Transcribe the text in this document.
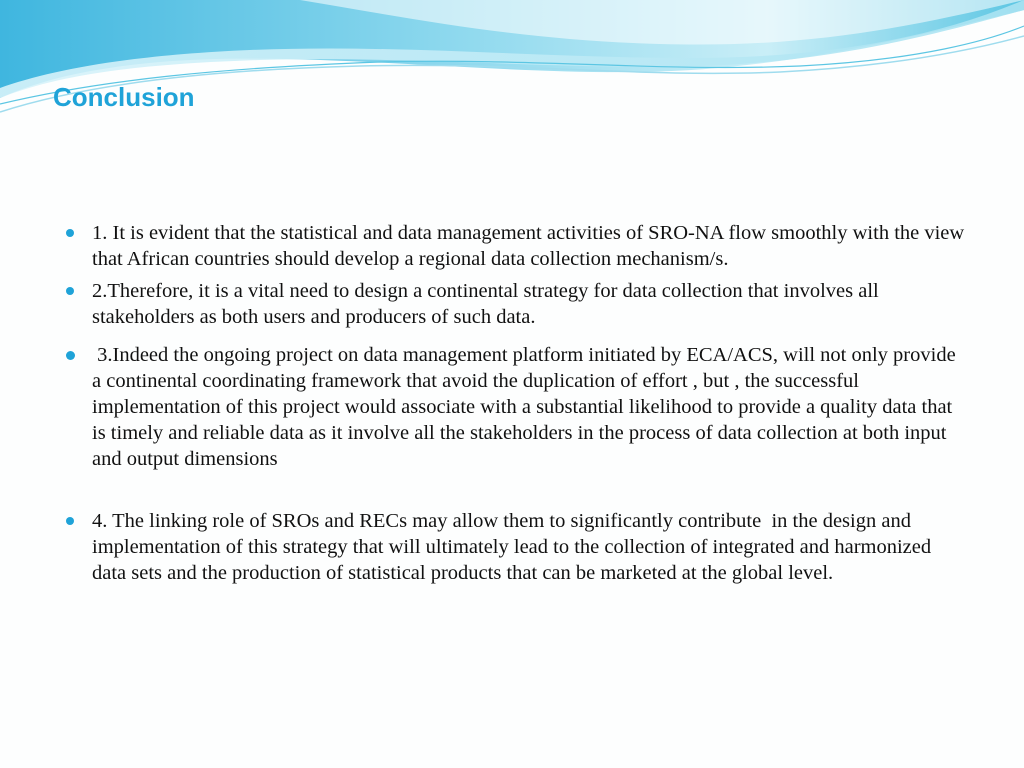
Conclusion
1. It is evident that the statistical and data management activities of SRO-NA flow smoothly with the view that African countries should develop a regional data collection mechanism/s.
2.Therefore, it is a vital need to design a continental strategy for data collection that involves all stakeholders as both users and producers of such data.
3.Indeed the ongoing project on data management platform initiated by ECA/ACS, will not only provide a continental coordinating framework that avoid the duplication of effort , but , the successful implementation of this project would associate with a substantial likelihood to provide a quality data that is timely and reliable data as it involve all the stakeholders in the process of data collection at both input and output dimensions
4. The linking role of SROs and RECs may allow them to significantly contribute  in the design and implementation of this strategy that will ultimately lead to the collection of integrated and harmonized data sets and the production of statistical products that can be marketed at the global level.
